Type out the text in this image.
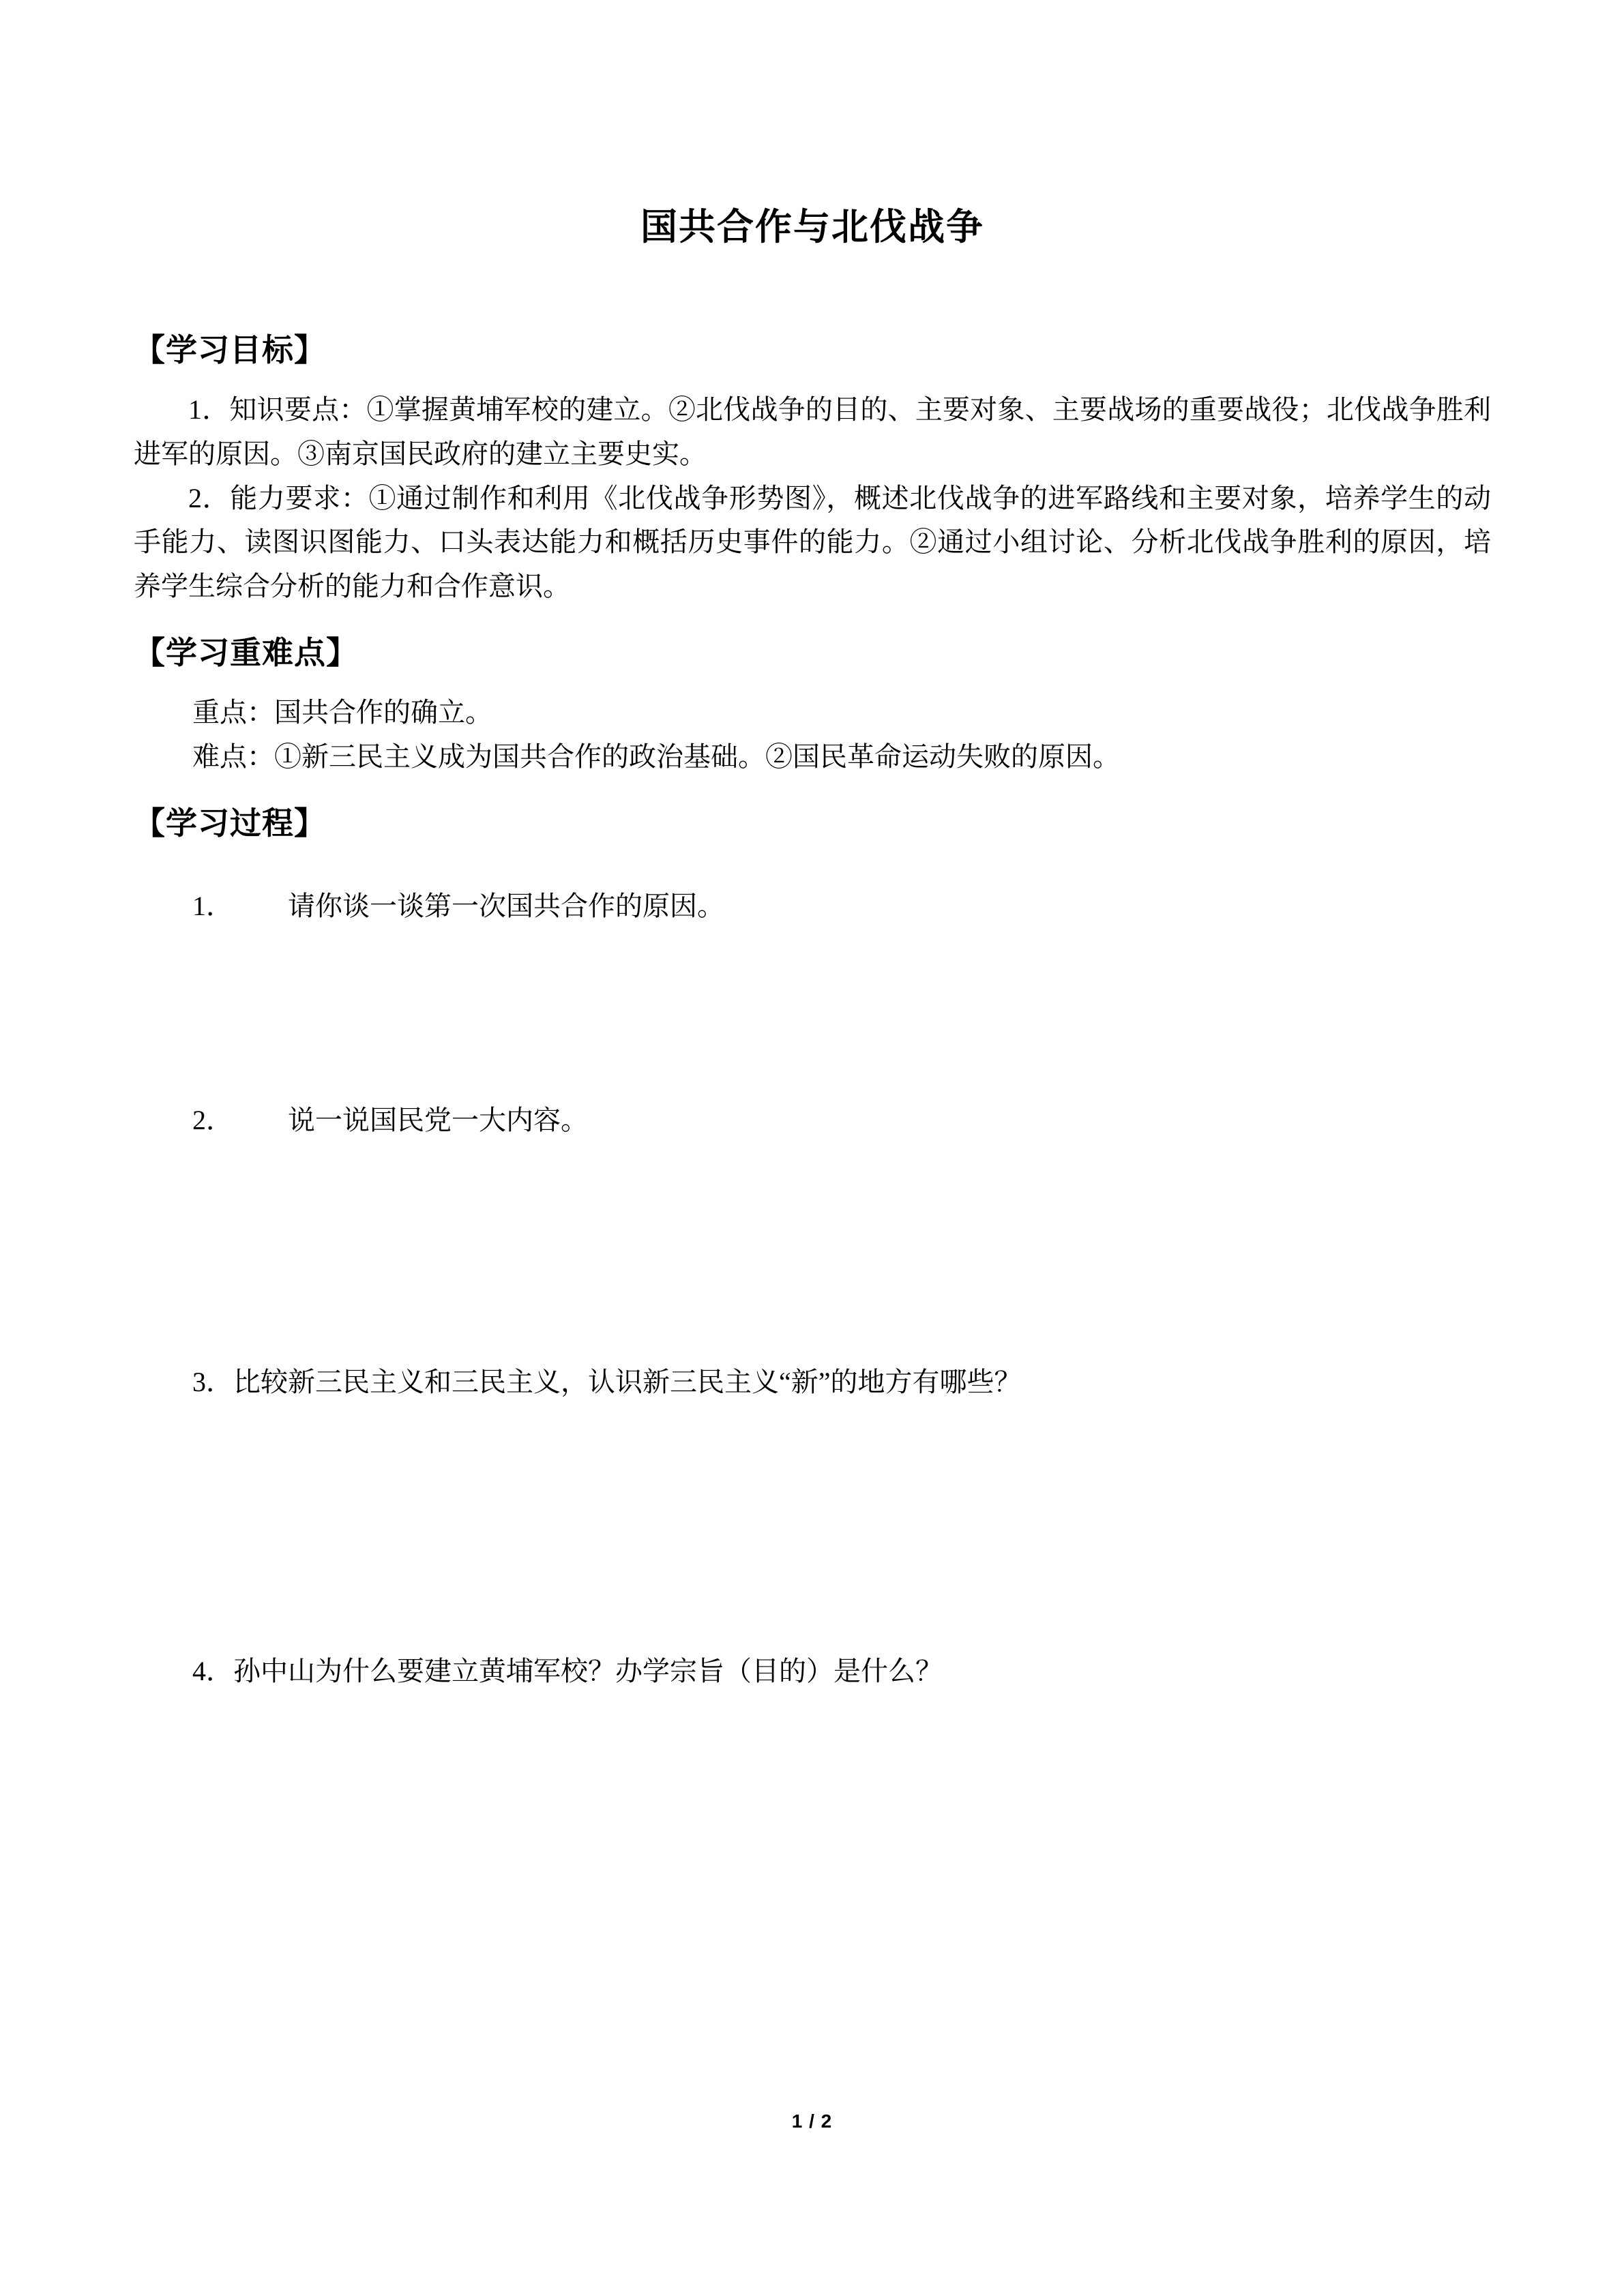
国共合作与北伐战争
【学习目标】

1．知识要点：①掌握黄埔军校的建立。②北伐战争的目的、主要对象、主要战场的重要战役；北伐战争胜利进军的原因。③南京国民政府的建立主要史实。

2．能力要求：①通过制作和利用《北伐战争形势图》，概述北伐战争的进军路线和主要对象，培养学生的动手能力、读图识图能力、口头表达能力和概括历史事件的能力。②通过小组讨论、分析北伐战争胜利的原因，培养学生综合分析的能力和合作意识。

【学习重难点】

重点：国共合作的确立。

难点：①新三民主义成为国共合作的政治基础。②国民革命运动失败的原因。

【学习过程】

1． 请你谈一谈第一次国共合作的原因。

2． 说一说国民党一大内容。

3．比较新三民主义和三民主义，认识新三民主义“新”的地方有哪些？

4．孙中山为什么要建立黄埔军校？办学宗旨（目的）是什么？

1 / 2
